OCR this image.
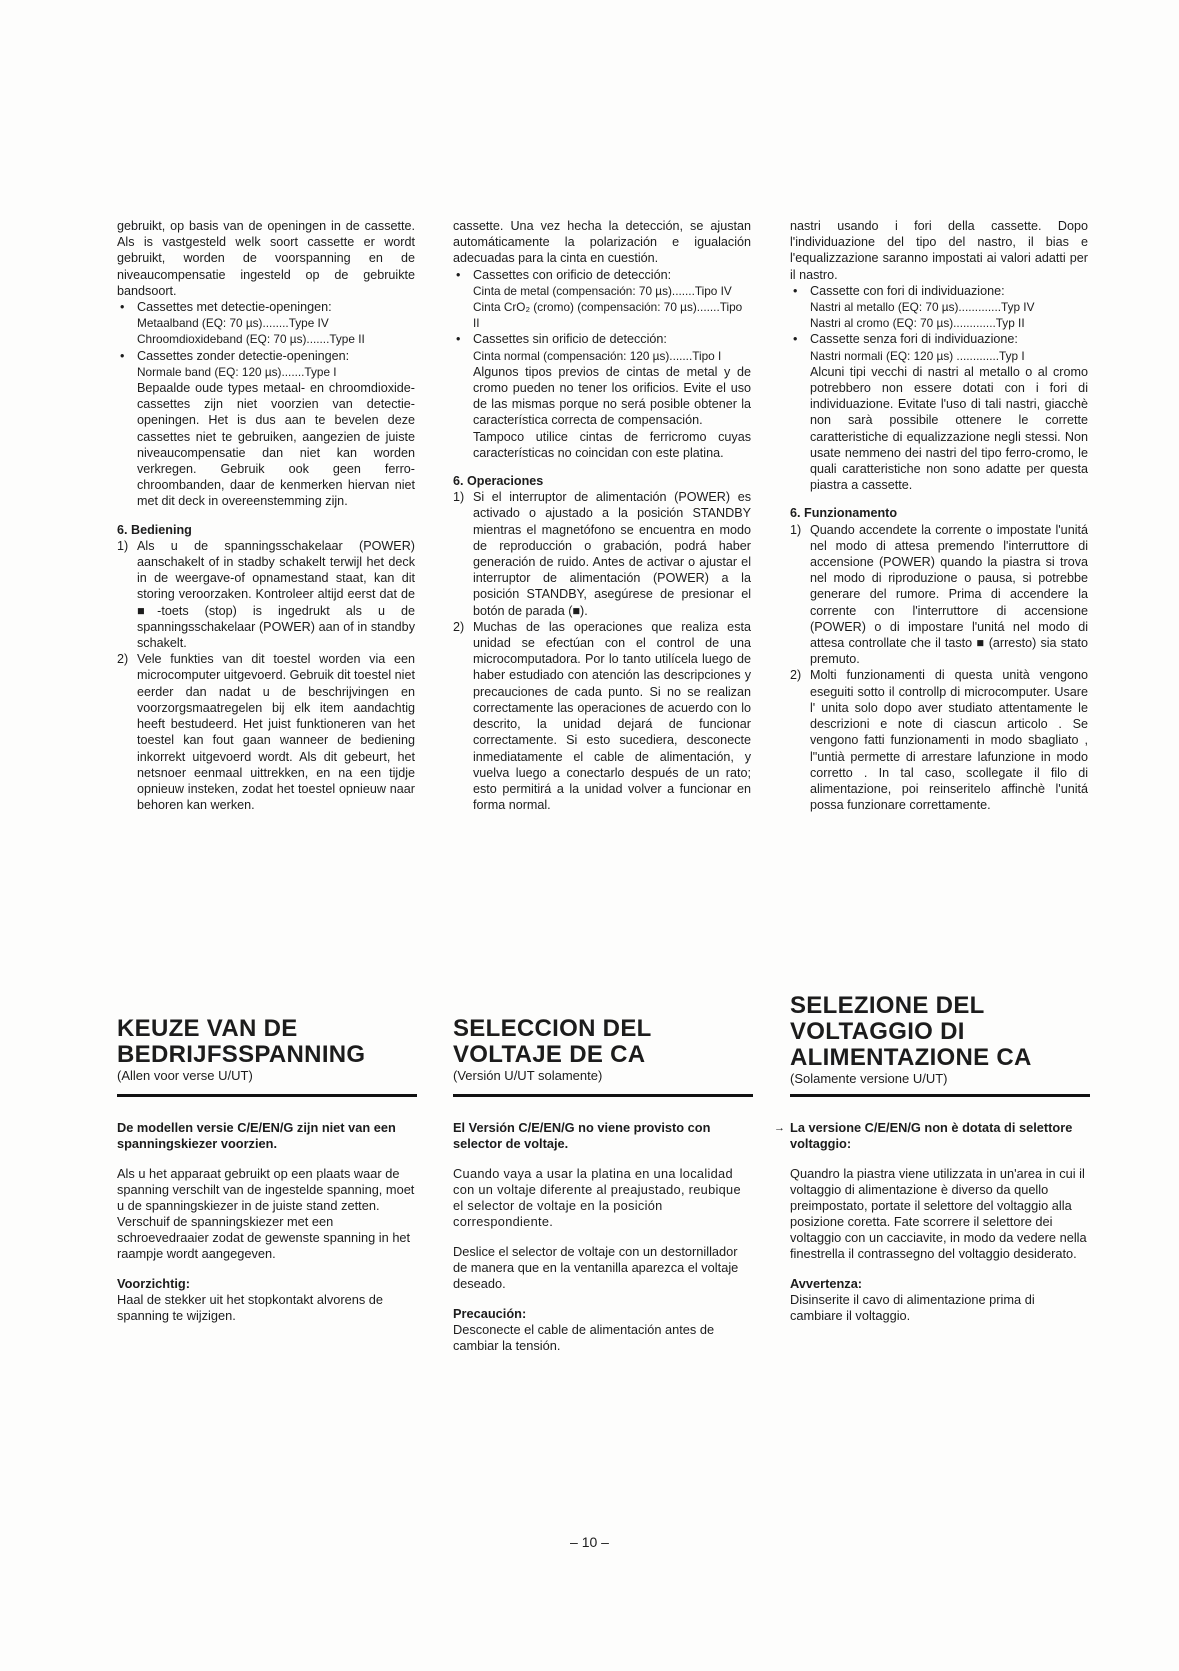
gebruikt, op basis van de openingen in de cassette. Als is vastgesteld welk soort cassette er wordt gebruikt, worden de voorspanning en de niveaucompensatie ingesteld op de gebruikte bandsoort.

• Cassettes met detectie-openingen:
Metaalband (EQ: 70 µs)........Type IV
Chroomdioxideband (EQ: 70 µs).......Type II
• Cassettes zonder detectie-openingen:
Normale band (EQ: 120 µs).......Type I

Bepaalde oude types metaal- en chroomdioxide-cassettes zijn niet voorzien van detectie-openingen. Het is dus aan te bevelen deze cassettes niet te gebruiken, aangezien de juiste niveaucompensatie dan niet kan worden verkregen. Gebruik ook geen ferro-chroombanden, daar de kenmerken hiervan niet met dit deck in overeenstemming zijn.

6. Bediening
1) Als u de spanningsschakelaar (POWER) aanschakelt of in stadby schakelt terwijl het deck in de weergave-of opnamestand staat, kan dit storing veroorzaken. Kontroleer altijd eerst dat de ■-toets (stop) is ingedrukt als u de spanningsschakelaar (POWER) aan of in standby schakelt.

2) Vele funkties van dit toestel worden via een microcomputer uitgevoerd. Gebruik dit toestel niet eerder dan nadat u de beschrijvingen en voorzorgsmaatregelen bij elk item aandachtig heeft bestudeerd. Het juist funktioneren van het toestel kan fout gaan wanneer de bediening inkorrekt uitgevoerd wordt. Als dit gebeurt, het netsnoer eenmaal uittrekken, en na een tijdje opnieuw insteken, zodat het toestel opnieuw naar behoren kan werken.

cassette. Una vez hecha la detección, se ajustan automáticamente la polarización e igualación adecuadas para la cinta en cuestión.

• Cassettes con orificio de detección:
Cinta de metal (compensación: 70 µs).......Tipo IV
Cinta CrO₂ (cromo) (compensación: 70 µs).......Tipo II
• Cassettes sin orificio de detección:
Cinta normal (compensación: 120 µs).......Tipo I

Algunos tipos previos de cintas de metal y de cromo pueden no tener los orificios. Evite el uso de las mismas porque no será posible obtener la característica correcta de compensación.

Tampoco utilice cintas de ferricromo cuyas características no coincidan con este platina.

6. Operaciones
1) Si el interruptor de alimentación (POWER) es activado o ajustado a la posición STANDBY mientras el magnetófono se encuentra en modo de reproducción o grabación, podrá haber generación de ruido. Antes de activar o ajustar el interruptor de alimentación (POWER) a la posición STANDBY, asegúrese de presionar el botón de parada (■).

2) Muchas de las operaciones que realiza esta unidad se efectúan con el control de una microcomputadora. Por lo tanto utilícela luego de haber estudiado con atención las descripciones y precauciones de cada punto. Si no se realizan correctamente las operaciones de acuerdo con lo descrito, la unidad dejará de funcionar correctamente. Si esto sucediera, desconecte inmediatamente el cable de alimentación, y vuelva luego a conectarlo después de un rato; esto permitirá a la unidad volver a funcionar en forma normal.

nastri usando i fori della cassette. Dopo l'individuazione del tipo del nastro, il bias e l'equalizzazione saranno impostati ai valori adatti per il nastro.

• Cassette con fori di individuazione:
Nastri al metallo (EQ: 70 µs).............Typ IV
Nastri al cromo (EQ: 70 µs).............Typ II
• Cassette senza fori di individuazione:
Nastri normali (EQ: 120 µs) .............Typ I

Alcuni tipi vecchi di nastri al metallo o al cromo potrebbero non essere dotati con i fori di individuazione. Evitate l'uso di tali nastri, giacchè non sarà possibile ottenere le corrette caratteristiche di equalizzazione negli stessi. Non usate nemmeno dei nastri del tipo ferro-cromo, le quali caratteristiche non sono adatte per questa piastra a cassette.

6. Funzionamento
1) Quando accendete la corrente o impostate l'unitá nel modo di attesa premendo l'interruttore di accensione (POWER) quando la piastra si trova nel modo di riproduzione o pausa, si potrebbe generare del rumore. Prima di accendere la corrente con l'interruttore di accensione (POWER) o di impostare l'unitá nel modo di attesa controllate che il tasto ■ (arresto) sia stato premuto.

2) Molti funzionamenti di questa unità vengono eseguiti sotto il controllp di microcomputer. Usare l' unita solo dopo aver studiato attentamente le descrizioni e note di ciascun articolo . Se vengono fatti funzionamenti in modo sbagliato , l"untià permette di arrestare lafunzione in modo corretto . In tal caso, scollegate il filo di alimentazione, poi reinseritelo affinchè l'unitá possa funzionare correttamente.

KEUZE VAN DE
BEDRIJFSSPANNING
(Allen voor verse U/UT)
SELECCION DEL
VOLTAJE DE CA
(Versión U/UT solamente)
SELEZIONE DEL
VOLTAGGIO DI
ALIMENTAZIONE CA
(Solamente versione U/UT)

De modellen versie C/E/EN/G zijn niet van een spanningskiezer voorzien.

Als u het apparaat gebruikt op een plaats waar de spanning verschilt van de ingestelde spanning, moet u de spanningskiezer in de juiste stand zetten.

Verschuif de spanningskiezer met een schroevedraaier zodat de gewenste spanning in het raampje wordt aangegeven.

Voorzichtig:

Haal de stekker uit het stopkontakt alvorens de spanning te wijzigen.

El Versión C/E/EN/G no viene provisto con selector de voltaje.

Cuando vaya a usar la platina en una localidad con un voltaje diferente al preajustado, reubique el selector de voltaje en la posición correspondiente.

Deslice el selector de voltaje con un destornillador de manera que en la ventanilla aparezca el voltaje deseado.

Precaución:

Desconecte el cable de alimentación antes de cambiar la tensión.

→ La versione C/E/EN/G non è dotata di selettore voltaggio:

Quandro la piastra viene utilizzata in un'area in cui il voltaggio di alimentazione è diverso da quello preimpostato, portate il selettore del voltaggio alla posizione coretta. Fate scorrere il selettore dei voltaggio con un cacciavite, in modo da vedere nella finestrella il contrassegno del voltaggio desiderato.

Avvertenza:

Disinserite il cavo di alimentazione prima di cambiare il voltaggio.

– 10 –
